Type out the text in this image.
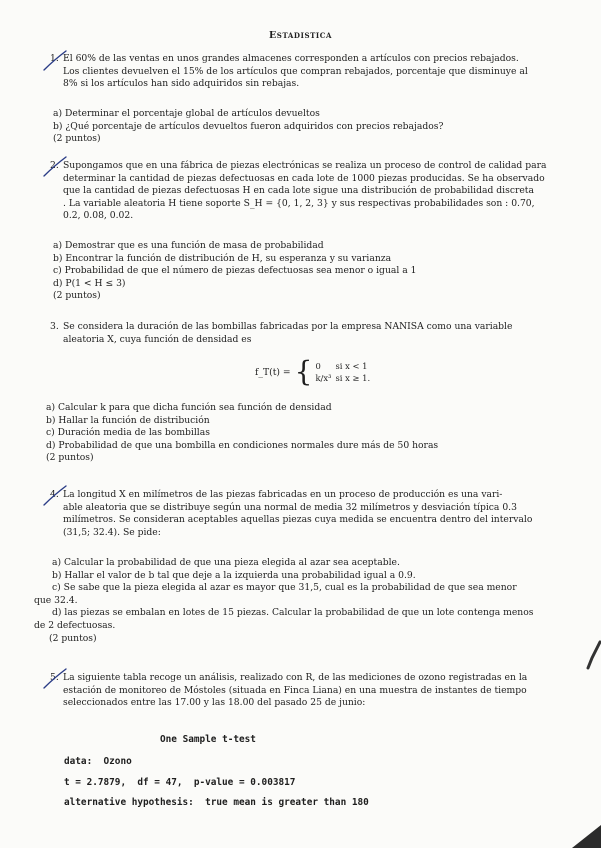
Estadistica
1. El 60% de las ventas en unos grandes almacenes corresponden a artículos con precios rebajados.
Los clientes devuelven el 15% de los artículos que compran rebajados, porcentaje que disminuye al
8% si los artículos han sido adquiridos sin rebajas.
a) Determinar el porcentaje global de artículos devueltos
b) ¿Qué porcentaje de artículos devueltos fueron adquiridos con precios rebajados?
(2 puntos)
2. Supongamos que en una fábrica de piezas electrónicas se realiza un proceso de control de calidad para
determinar la cantidad de piezas defectuosas en cada lote de 1000 piezas producidas. Se ha observado
que la cantidad de piezas defectuosas H en cada lote sigue una distribución de probabilidad discreta
. La variable aleatoria H tiene soporte S_H = {0, 1, 2, 3} y sus respectivas probabilidades son : 0.70,
0.2, 0.08, 0.02.
a) Demostrar que es una función de masa de probabilidad
b) Encontrar la función de distribución de H, su esperanza y su varianza
c) Probabilidad de que el número de piezas defectuosas sea menor o igual a 1
d) P(1 < H ≤ 3)
(2 puntos)
3. Se considera la duración de las bombillas fabricadas por la empresa NANISA como una variable
aleatoria X, cuya función de densidad es
f_T(t) = { 0	si x < 1
k/x³ si x ≥ 1.
a) Calcular k para que dicha función sea función de densidad
b) Hallar la función de distribución
c) Duración media de las bombillas
d) Probabilidad de que una bombilla en condiciones normales dure más de 50 horas
(2 puntos)
4. La longitud X en milímetros de las piezas fabricadas en un proceso de producción es una vari-
able aleatoria que se distribuye según una normal de media 32 milímetros y desviación típica 0.3
milímetros. Se consideran aceptables aquellas piezas cuya medida se encuentra dentro del intervalo
(31,5; 32.4). Se pide:
a) Calcular la probabilidad de que una pieza elegida al azar sea aceptable.
b) Hallar el valor de b tal que deje a la izquierda una probabilidad igual a 0.9.
c) Se sabe que la pieza elegida al azar es mayor que 31,5, cual es la probabilidad de que sea menor
que 32.4.
d) las piezas se embalan en lotes de 15 piezas. Calcular la probabilidad de que un lote contenga menos
de 2 defectuosas.
(2 puntos)
5. La siguiente tabla recoge un análisis, realizado con R, de las mediciones de ozono registradas en la
estación de monitoreo de Móstoles (situada en Finca Liana) en una muestra de instantes de tiempo
seleccionados entre las 17.00 y las 18.00 del pasado 25 de junio:
One Sample t-test
data:  Ozono
t = 2.7879,  df = 47,  p-value = 0.003817
alternative hypothesis:  true mean is greater than 180
